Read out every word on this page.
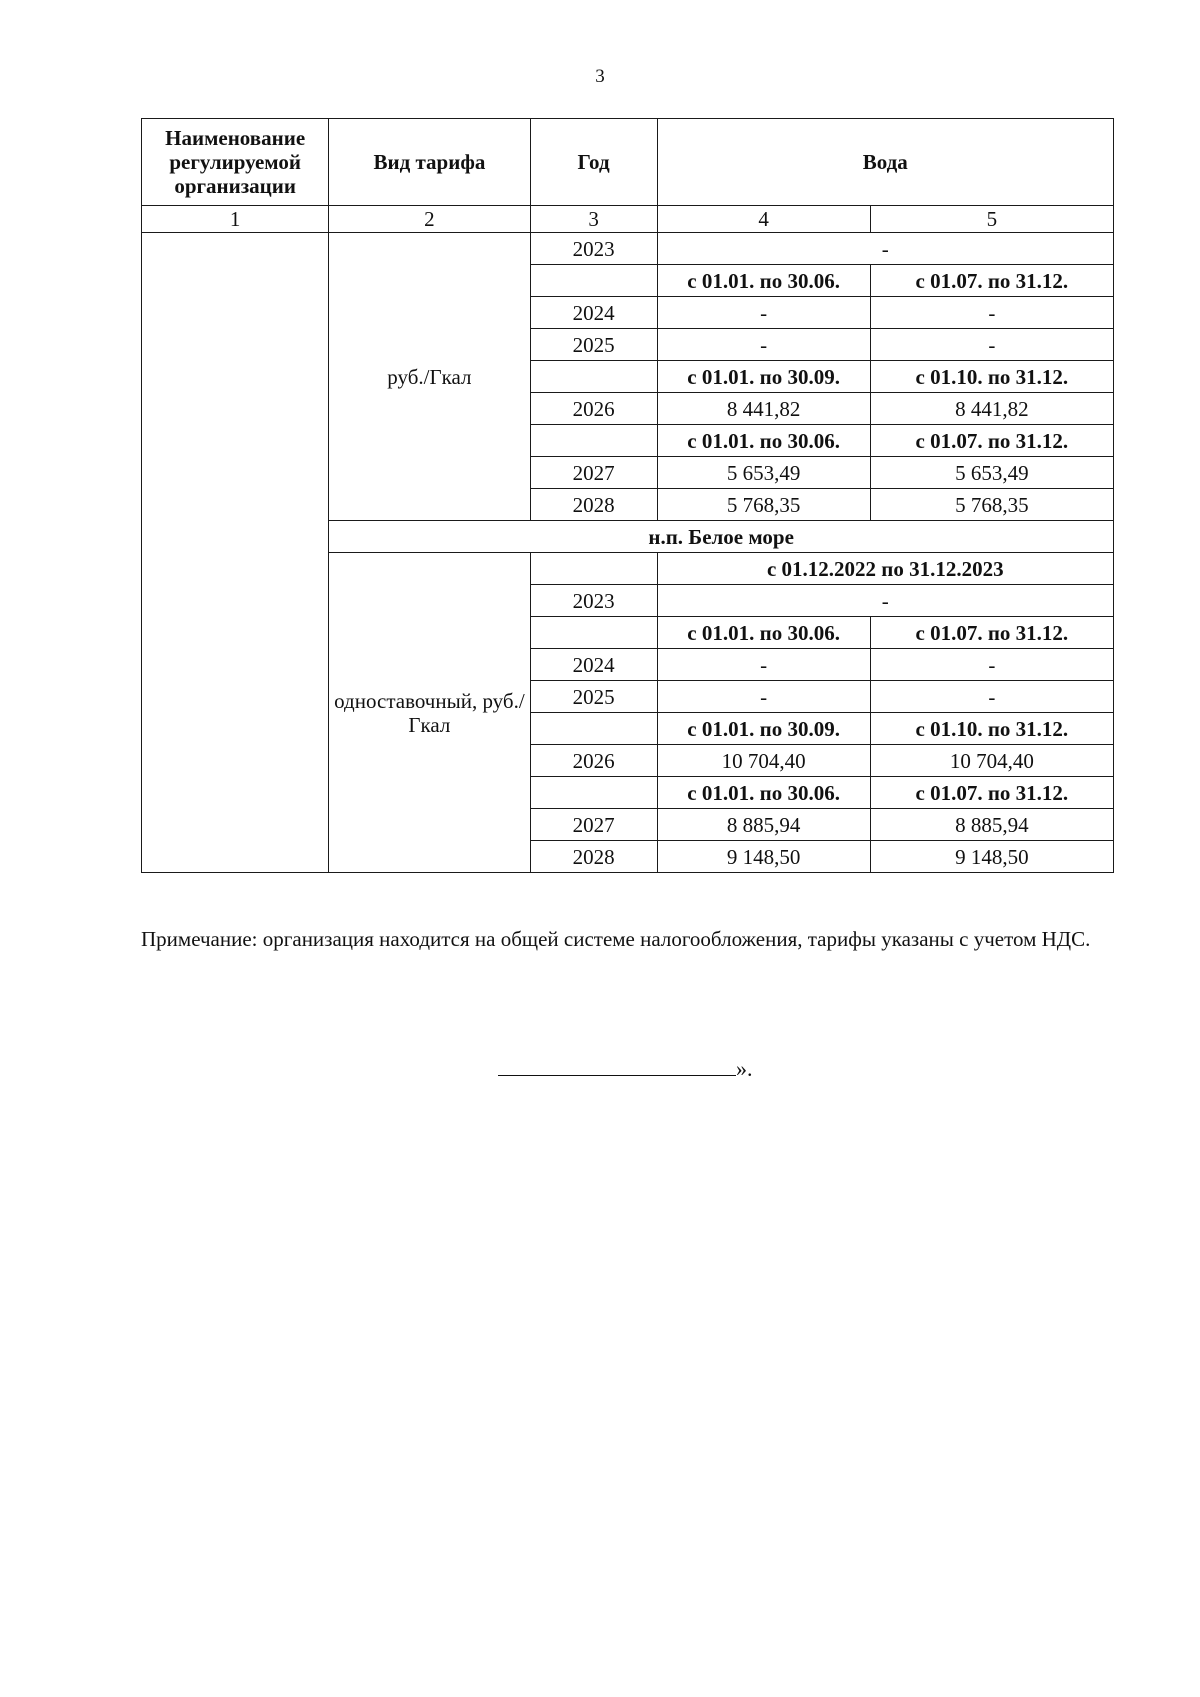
3
Наименование регулируемой организации	Вид тарифа	Год	Вода	
1	2	3	4	5
	руб./Гкал	2023	-	
			с 01.01. по 30.06.	с 01.07. по 31.12.
		2024	-	-
		2025	-	-
			с 01.01. по 30.09.	с 01.10. по 31.12.
		2026	8 441,82	8 441,82
			с 01.01. по 30.06.	с 01.07. по 31.12.
		2027	5 653,49	5 653,49
		2028	5 768,35	5 768,35
	н.п. Белое море			
	одноставочный, руб./Гкал		с 01.12.2022 по 31.12.2023	
		2023	-	
			с 01.01. по 30.06.	с 01.07. по 31.12.
		2024	-	-
		2025	-	-
			с 01.01. по 30.09.	с 01.10. по 31.12.
		2026	10 704,40	10 704,40
			с 01.01. по 30.06.	с 01.07. по 31.12.
		2027	8 885,94	8 885,94
		2028	9 148,50	9 148,50
Примечание: организация находится на общей системе налогообложения, тарифы указаны с учетом НДС.
».
